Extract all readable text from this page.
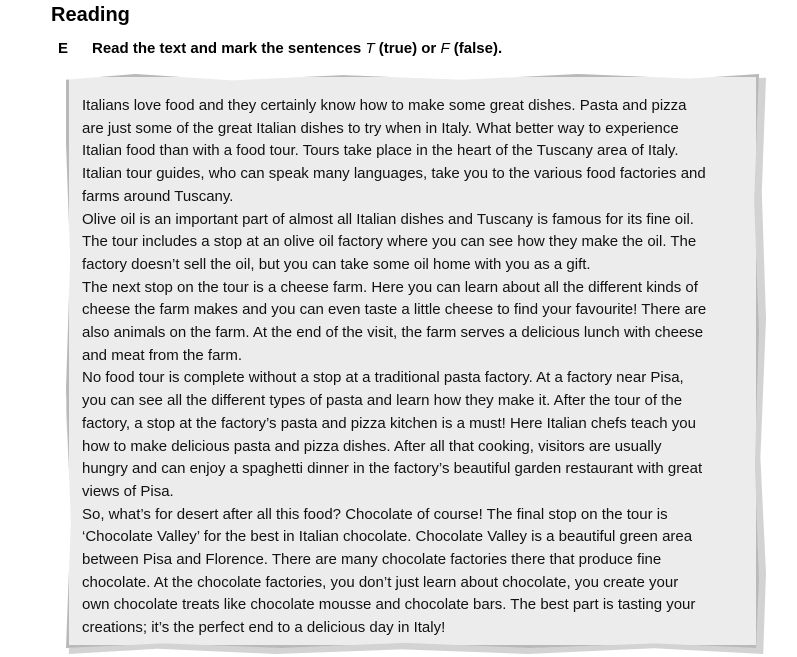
Reading
E Read the text and mark the sentences T (true) or F (false).
Italians love food and they certainly know how to make some great dishes. Pasta and pizza
are just some of the great Italian dishes to try when in Italy. What better way to experience
Italian food than with a food tour. Tours take place in the heart of the Tuscany area of Italy.
Italian tour guides, who can speak many languages, take you to the various food factories and
farms around Tuscany.
Olive oil is an important part of almost all Italian dishes and Tuscany is famous for its fine oil.
The tour includes a stop at an olive oil factory where you can see how they make the oil. The
factory doesn’t sell the oil, but you can take some oil home with you as a gift.
The next stop on the tour is a cheese farm. Here you can learn about all the different kinds of
cheese the farm makes and you can even taste a little cheese to find your favourite! There are
also animals on the farm. At the end of the visit, the farm serves a delicious lunch with cheese
and meat from the farm.
No food tour is complete without a stop at a traditional pasta factory. At a factory near Pisa,
you can see all the different types of pasta and learn how they make it. After the tour of the
factory, a stop at the factory’s pasta and pizza kitchen is a must! Here Italian chefs teach you
how to make delicious pasta and pizza dishes. After all that cooking, visitors are usually
hungry and can enjoy a spaghetti dinner in the factory’s beautiful garden restaurant with great
views of Pisa.
So, what’s for desert after all this food? Chocolate of course! The final stop on the tour is
‘Chocolate Valley’ for the best in Italian chocolate. Chocolate Valley is a beautiful green area
between Pisa and Florence. There are many chocolate factories there that produce fine
chocolate. At the chocolate factories, you don’t just learn about chocolate, you create your
own chocolate treats like chocolate mousse and chocolate bars. The best part is tasting your
creations; it’s the perfect end to a delicious day in Italy!
